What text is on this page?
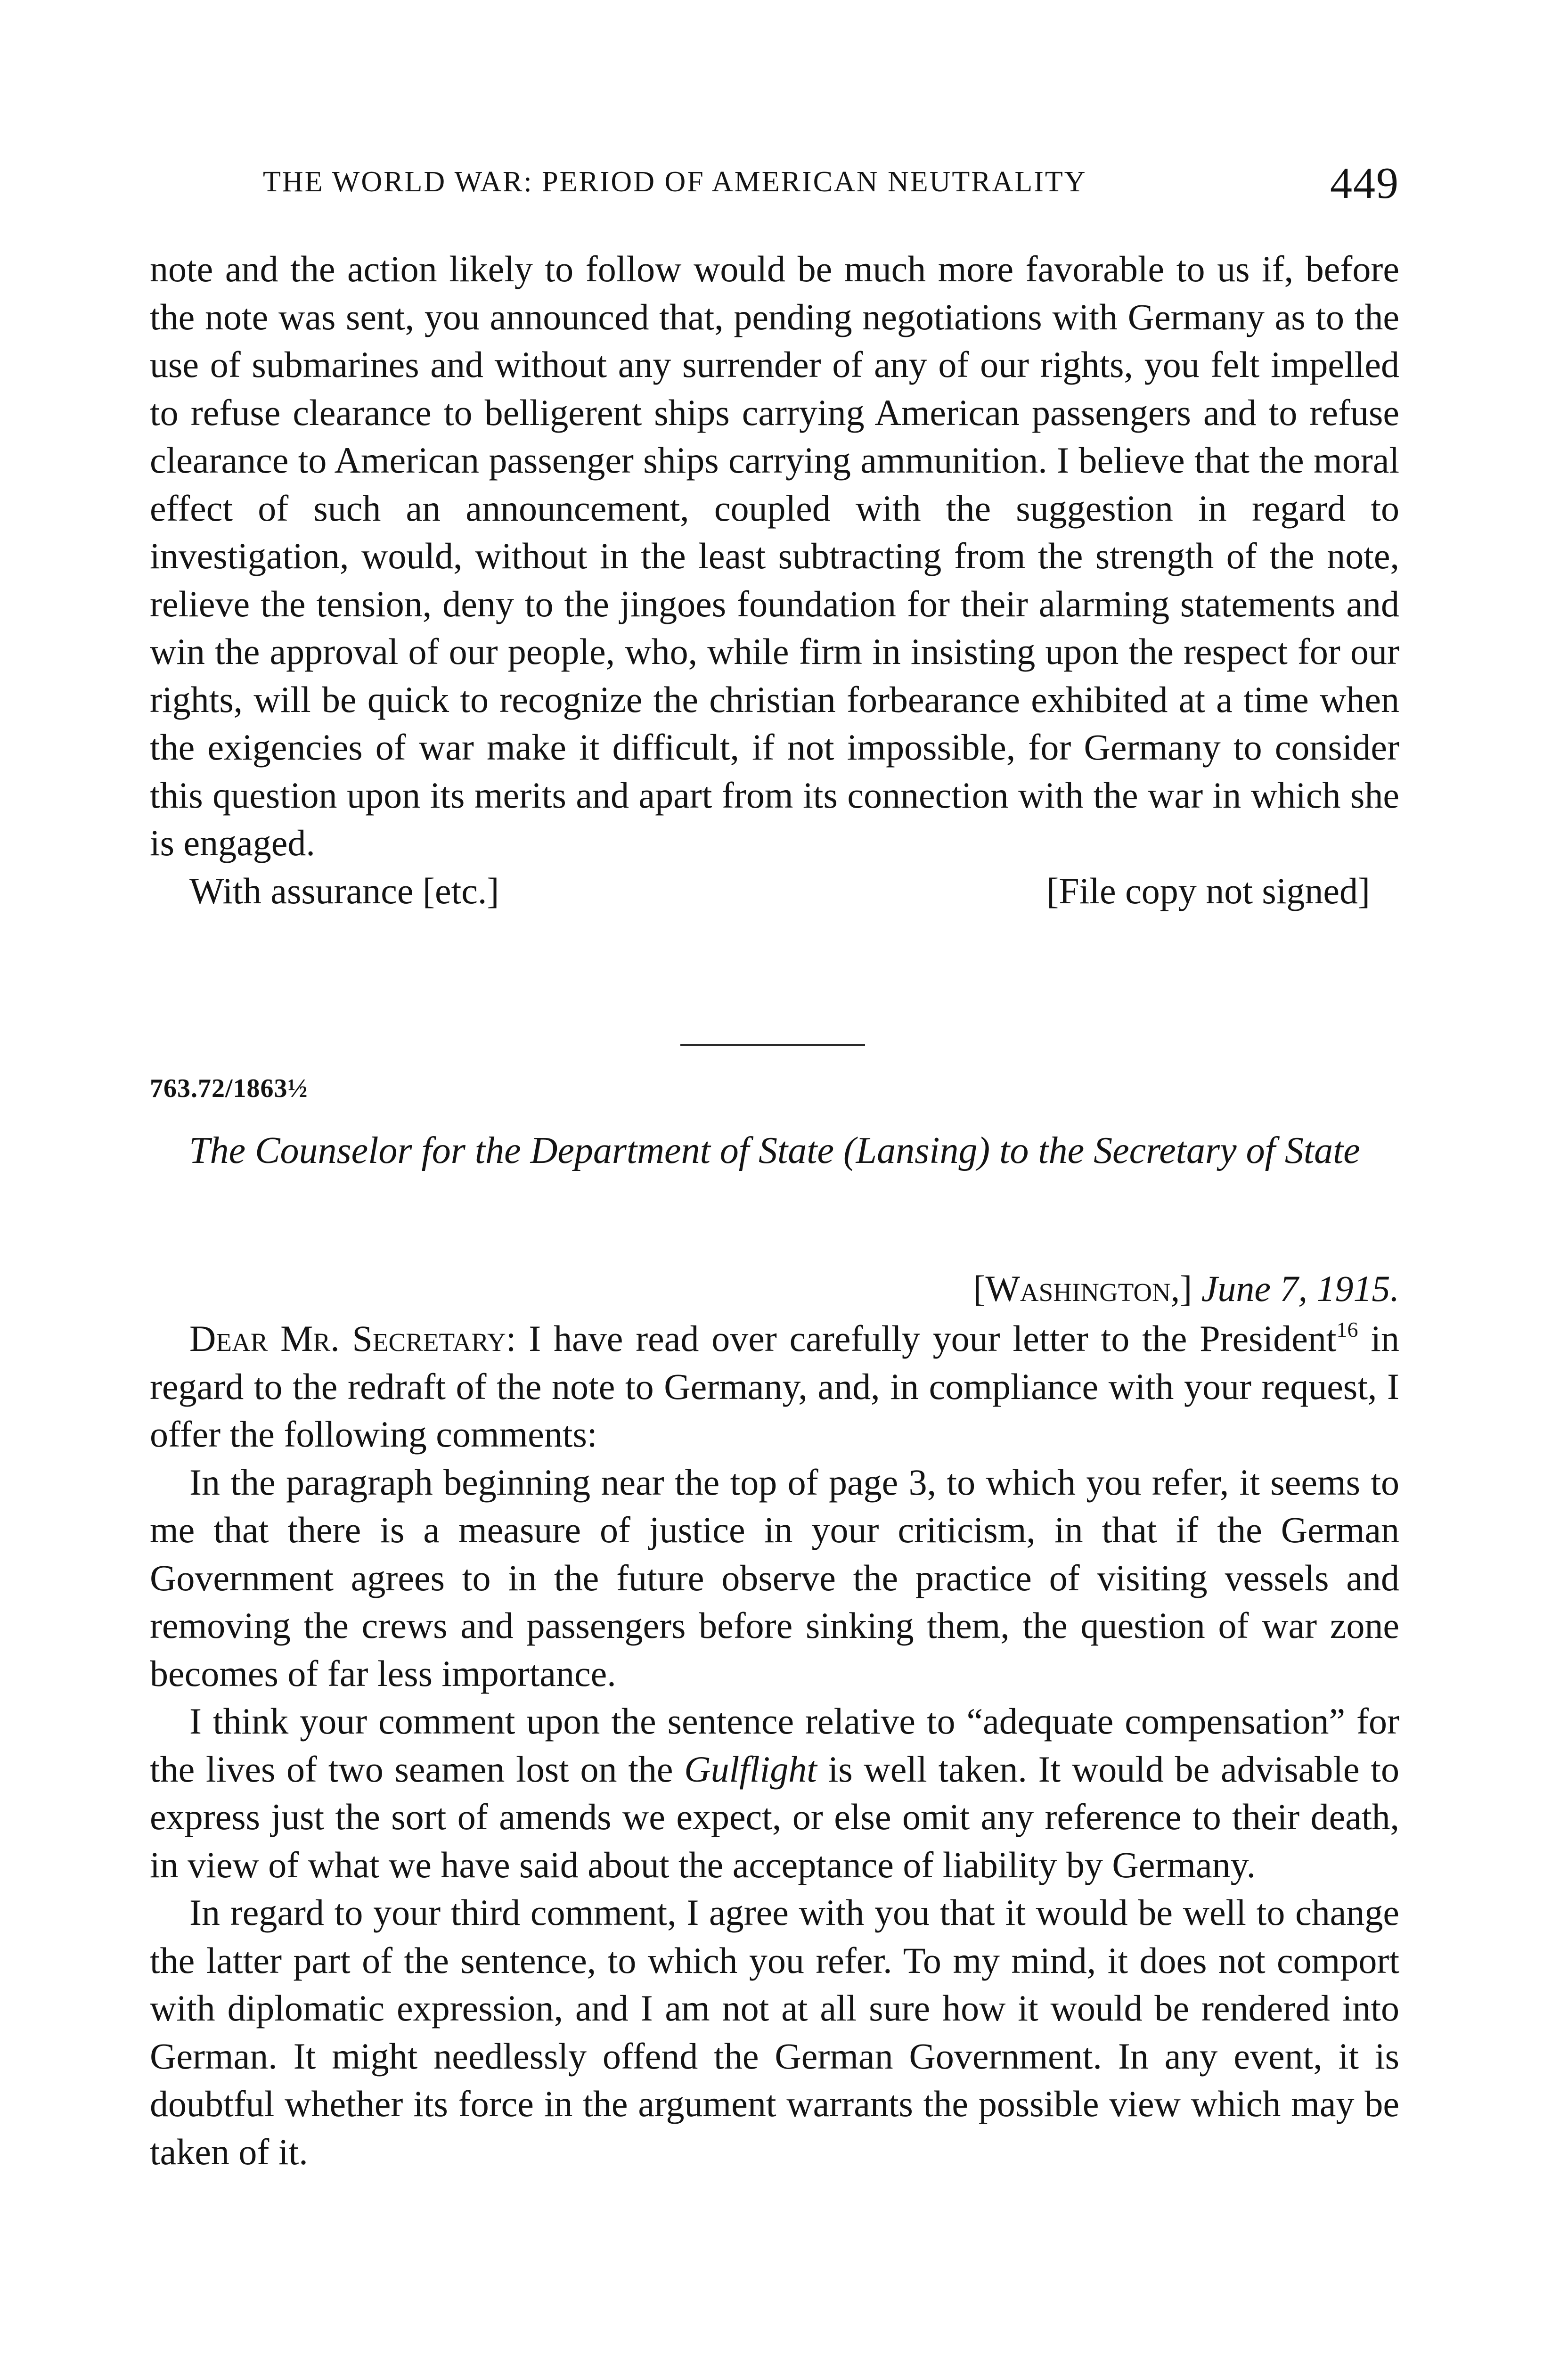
THE WORLD WAR: PERIOD OF AMERICAN NEUTRALITY	449

note and the action likely to follow would be much more favorable to us if, before the note was sent, you announced that, pending negotiations with Germany as to the use of submarines and without any surrender of any of our rights, you felt impelled to refuse clearance to belligerent ships carrying American passengers and to refuse clearance to American passenger ships carrying ammunition. I believe that the moral effect of such an announcement, coupled with the suggestion in regard to investigation, would, without in the least subtracting from the strength of the note, relieve the tension, deny to the jingoes foundation for their alarming statements and win the approval of our people, who, while firm in insisting upon the respect for our rights, will be quick to recognize the christian forbearance exhibited at a time when the exigencies of war make it difficult, if not impossible, for Germany to consider this question upon its merits and apart from its connection with the war in which she is engaged.

With assurance [etc.]	[File copy not signed]
763.72/1863½
The Counselor for the Department of State (Lansing) to the Secretary of State
[Washington,] June 7, 1915.

Dear Mr. Secretary: I have read over carefully your letter to the President$^{16}$ in regard to the redraft of the note to Germany, and, in compliance with your request, I offer the following comments:

In the paragraph beginning near the top of page 3, to which you refer, it seems to me that there is a measure of justice in your criticism, in that if the German Government agrees to in the future observe the practice of visiting vessels and removing the crews and passengers before sinking them, the question of war zone becomes of far less importance.

I think your comment upon the sentence relative to “adequate compensation” for the lives of two seamen lost on the Gulflight is well taken. It would be advisable to express just the sort of amends we expect, or else omit any reference to their death, in view of what we have said about the acceptance of liability by Germany.

In regard to your third comment, I agree with you that it would be well to change the latter part of the sentence, to which you refer. To my mind, it does not comport with diplomatic expression, and I am not at all sure how it would be rendered into German. It might needlessly offend the German Government. In any event, it is doubtful whether its force in the argument warrants the possible view which may be taken of it.
